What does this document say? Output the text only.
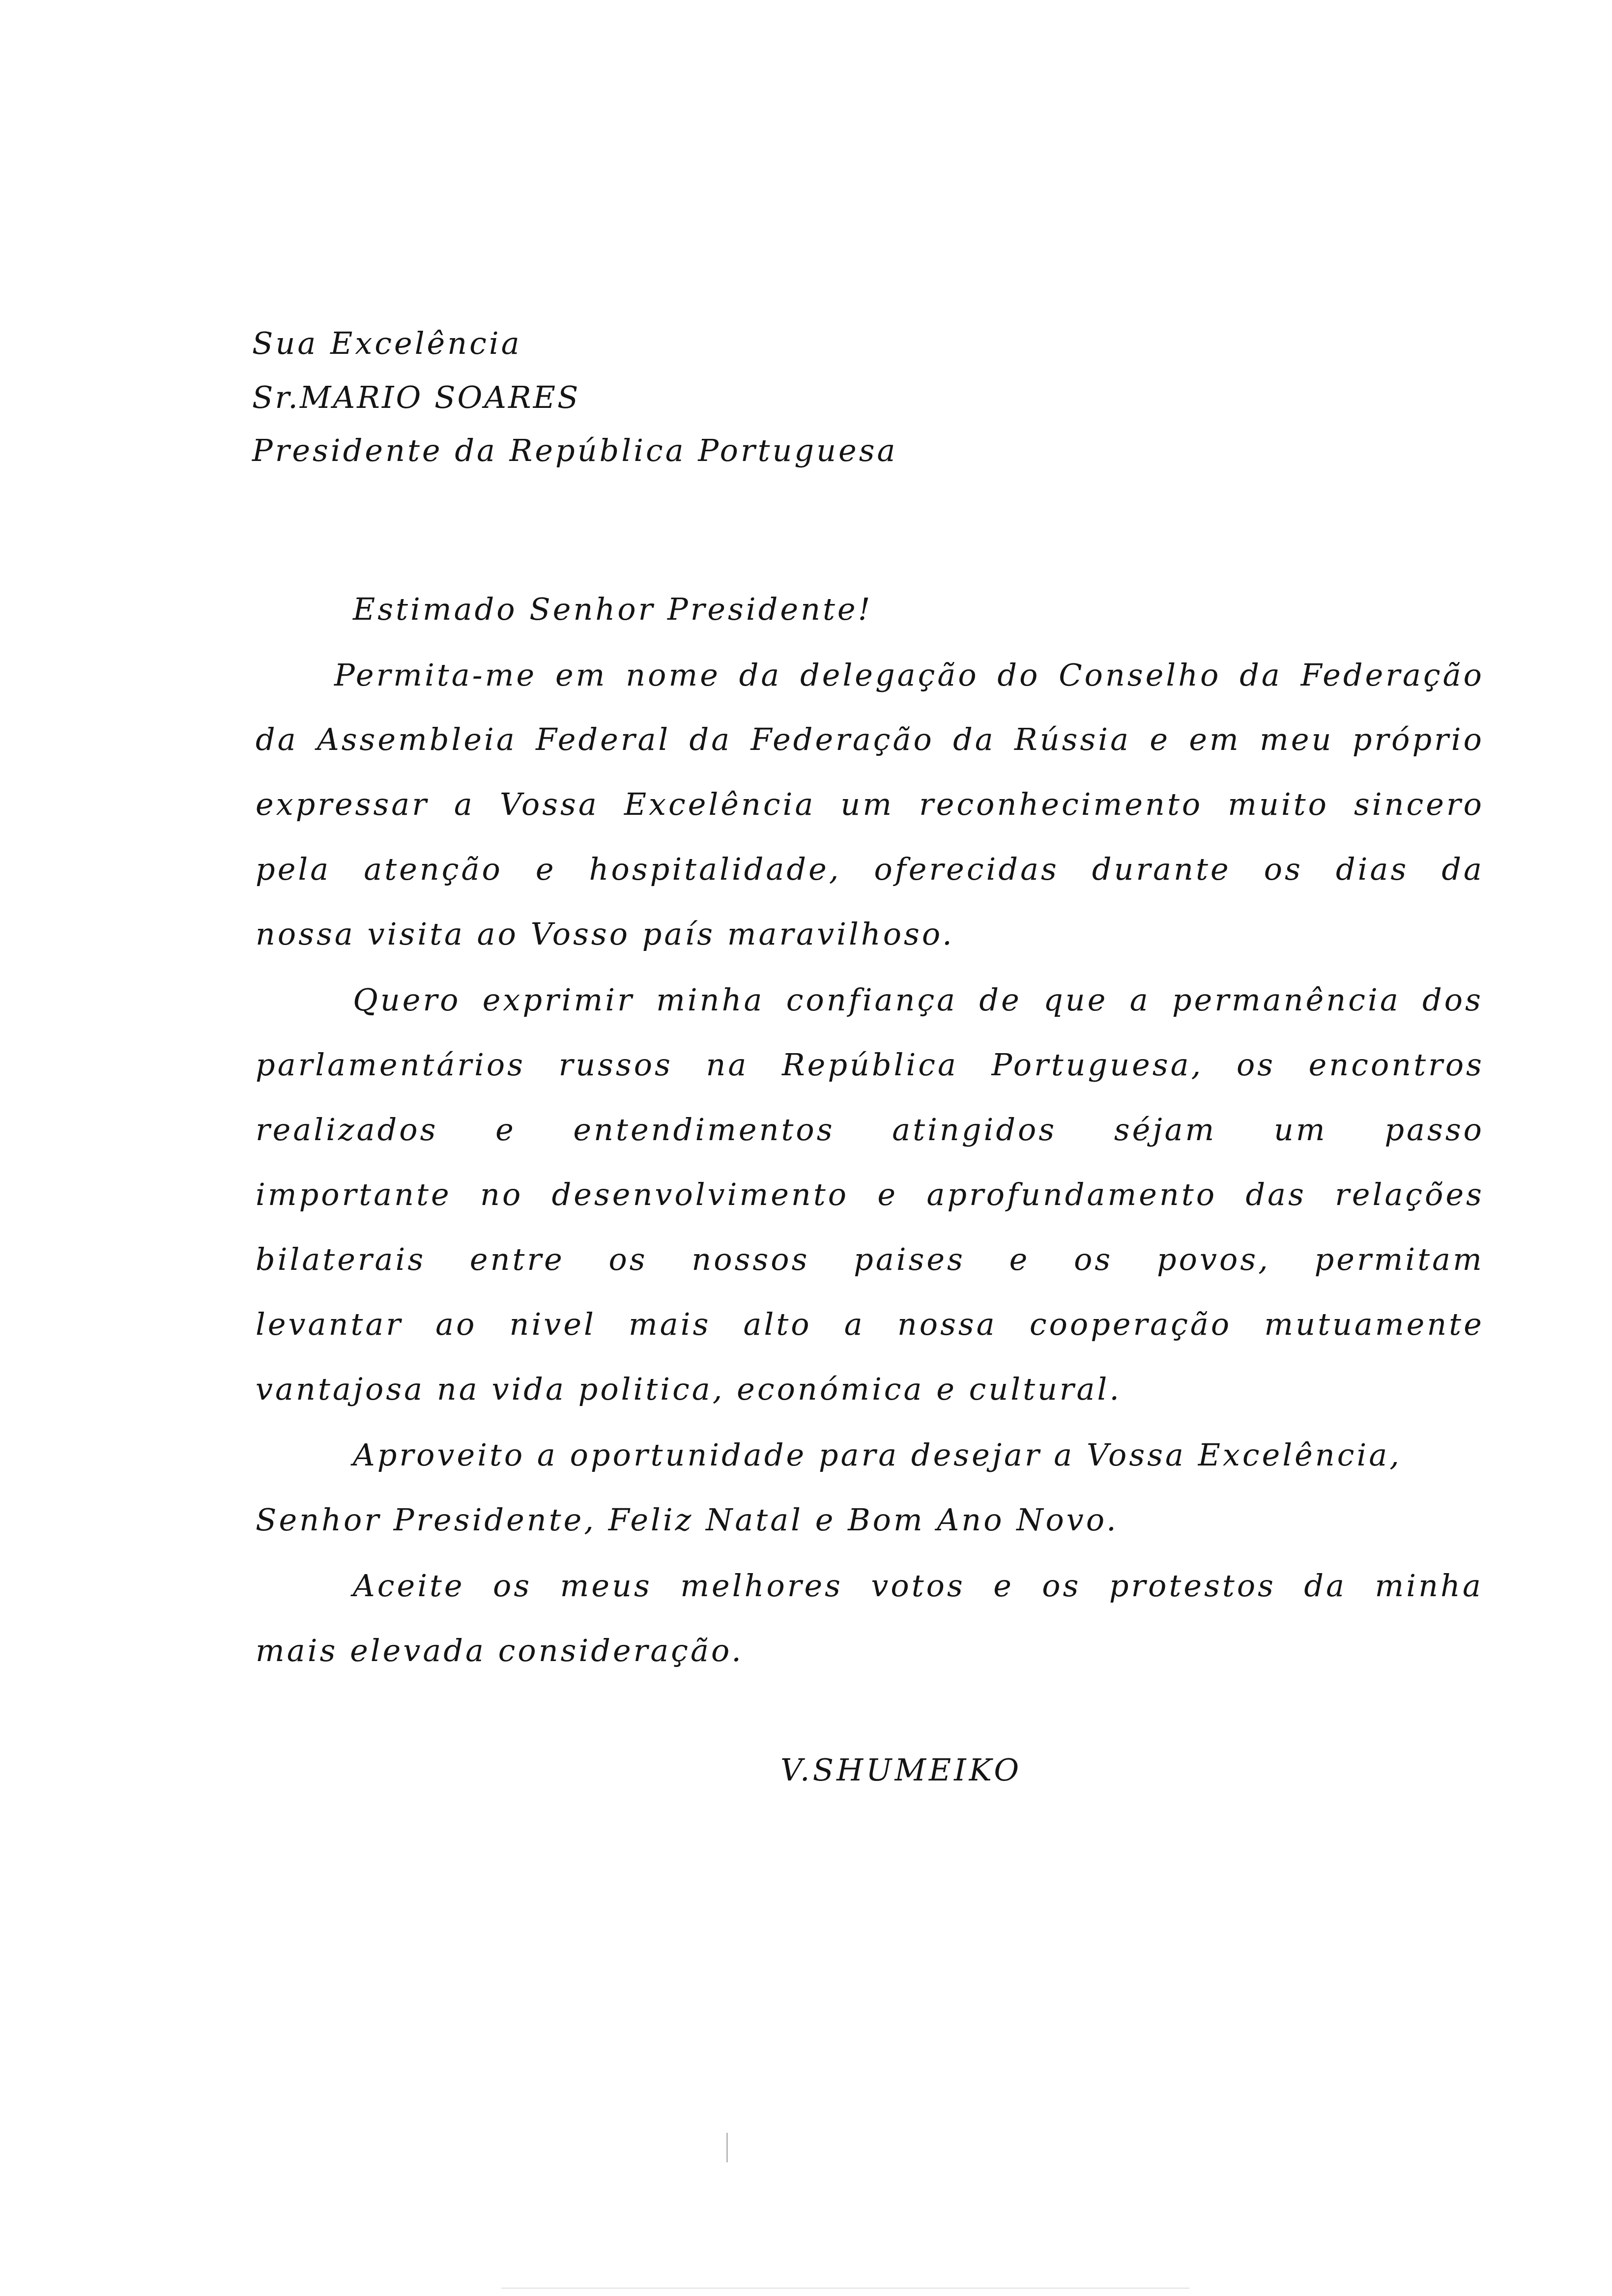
Sua Excelência
Sr.MARIO SOARES
Presidente da República Portuguesa
Estimado Senhor Presidente!
Permita-me em nome da delegação do Conselho da Federação
da Assembleia Federal da Federação da Rússia e em meu próprio
expressar a Vossa Excelência um reconhecimento muito sincero
pela atenção e hospitalidade, oferecidas durante os dias da
nossa visita ao Vosso país maravilhoso.
Quero exprimir minha confiança de que a permanência dos
parlamentários russos na República Portuguesa, os encontros
realizados e entendimentos atingidos séjam um passo
importante no desenvolvimento e aprofundamento das relações
bilaterais entre os nossos paises e os povos, permitam
levantar ao nivel mais alto a nossa cooperação mutuamente
vantajosa na vida politica, económica e cultural.
Aproveito a oportunidade para desejar a Vossa Excelência,
Senhor Presidente, Feliz Natal e Bom Ano Novo.
Aceite os meus melhores votos e os protestos da minha
mais elevada consideração.
V.SHUMEIKO
